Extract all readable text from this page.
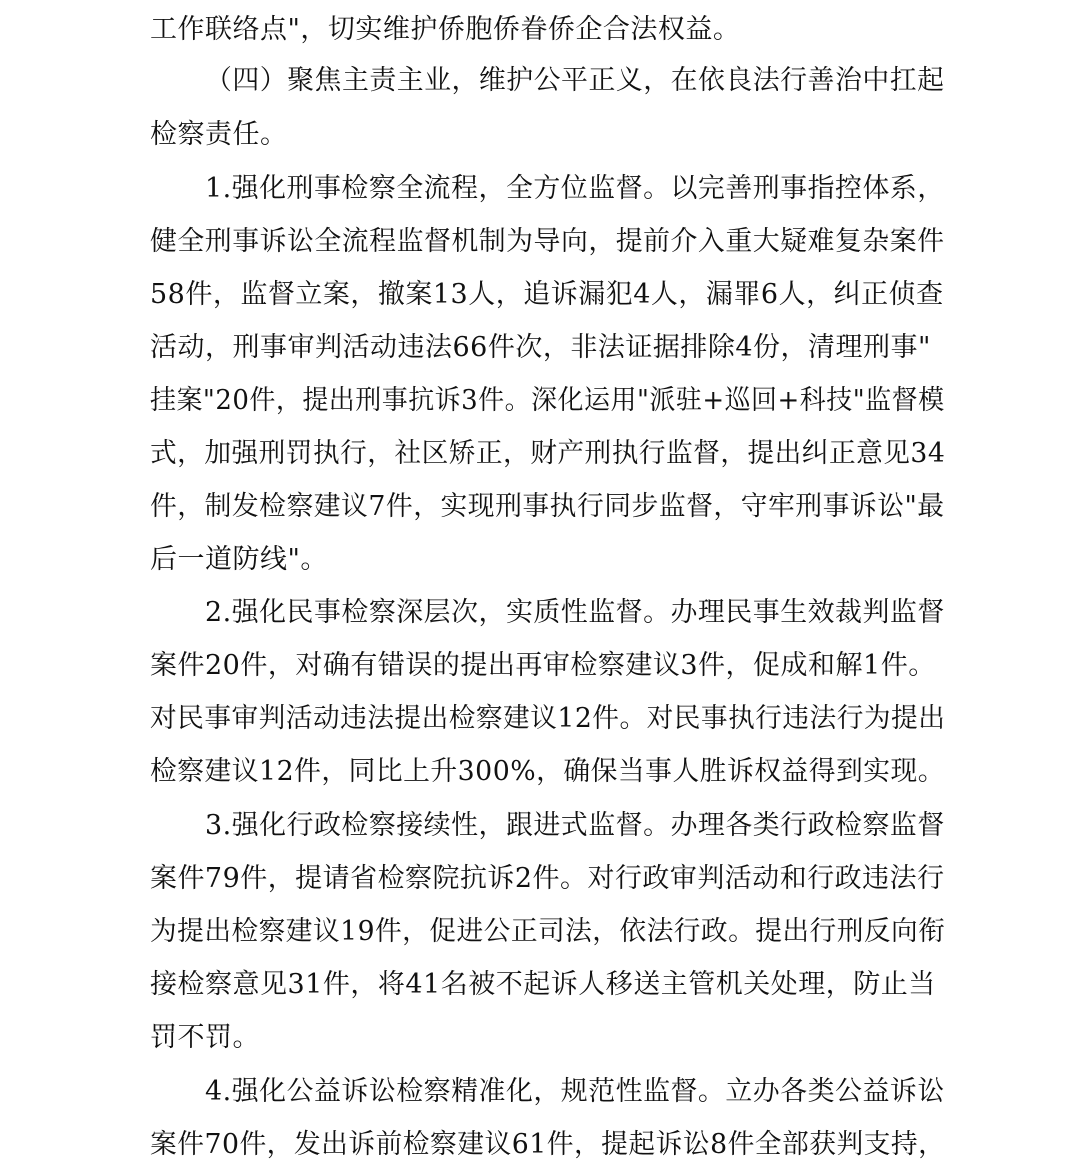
工作联络点"，切实维护侨胞侨眷侨企合法权益。
（四）聚焦主责主业，维护公平正义，在依良法行善治中扛起
检察责任。
1.强化刑事检察全流程，全方位监督。以完善刑事指控体系，
健全刑事诉讼全流程监督机制为导向，提前介入重大疑难复杂案件
58件，监督立案，撤案13人，追诉漏犯4人，漏罪6人，纠正侦查
活动，刑事审判活动违法66件次，非法证据排除4份，清理刑事"
挂案"20件，提出刑事抗诉3件。深化运用"派驻+巡回+科技"监督模
式，加强刑罚执行，社区矫正，财产刑执行监督，提出纠正意见34
件，制发检察建议7件，实现刑事执行同步监督，守牢刑事诉讼"最
后一道防线"。
2.强化民事检察深层次，实质性监督。办理民事生效裁判监督
案件20件，对确有错误的提出再审检察建议3件，促成和解1件。
对民事审判活动违法提出检察建议12件。对民事执行违法行为提出
检察建议12件，同比上升300%，确保当事人胜诉权益得到实现。
3.强化行政检察接续性，跟进式监督。办理各类行政检察监督
案件79件，提请省检察院抗诉2件。对行政审判活动和行政违法行
为提出检察建议19件，促进公正司法，依法行政。提出行刑反向衔
接检察意见31件，将41名被不起诉人移送主管机关处理，防止当
罚不罚。
4.强化公益诉讼检察精准化，规范性监督。立办各类公益诉讼
案件70件，发出诉前检察建议61件，提起诉讼8件全部获判支持，
